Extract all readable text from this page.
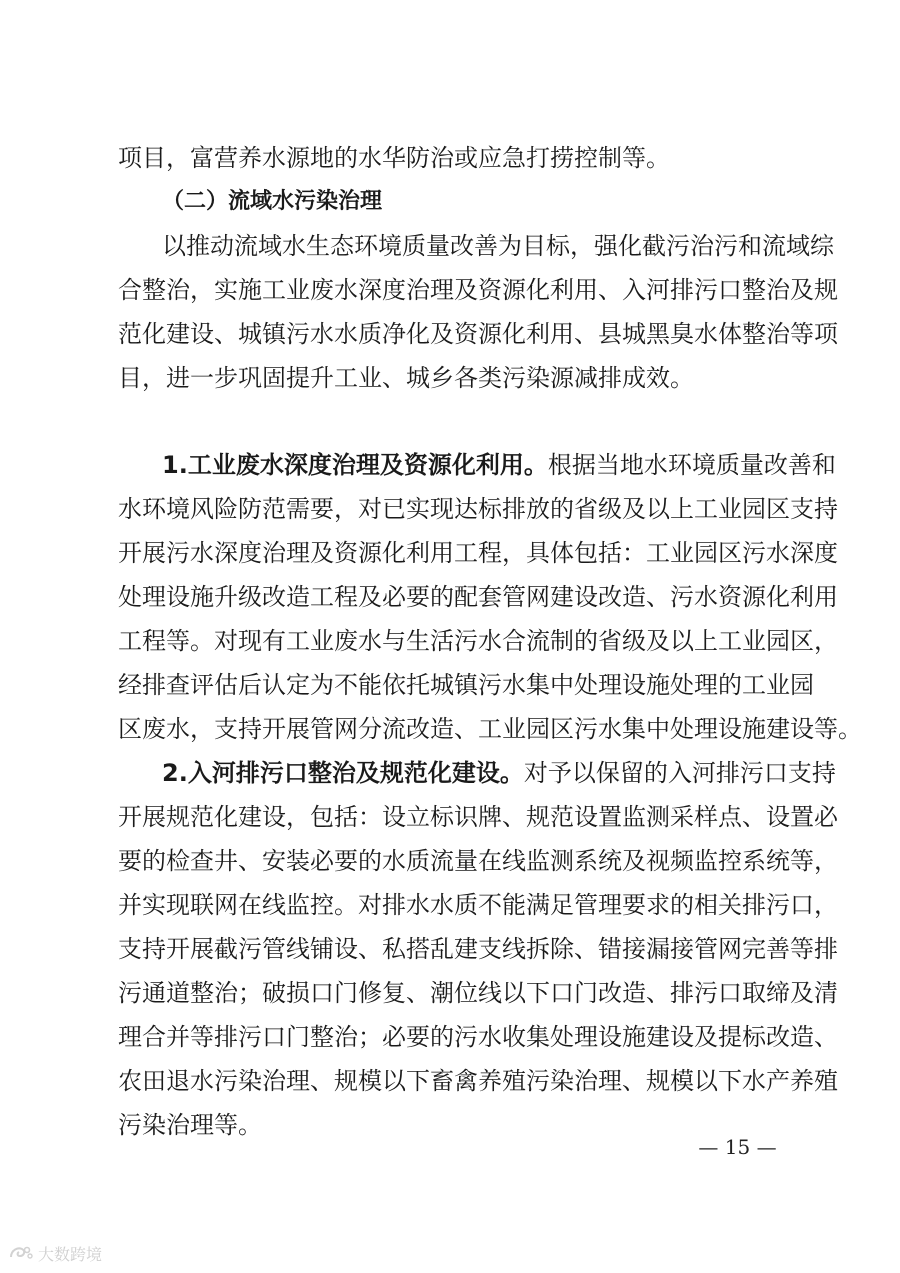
项目，富营养水源地的水华防治或应急打捞控制等。
（二）流域水污染治理
以推动流域水生态环境质量改善为目标，强化截污治污和流域综
合整治，实施工业废水深度治理及资源化利用、入河排污口整治及规
范化建设、城镇污水水质净化及资源化利用、县城黑臭水体整治等项
目，进一步巩固提升工业、城乡各类污染源减排成效。
1.工业废水深度治理及资源化利用。根据当地水环境质量改善和
水环境风险防范需要，对已实现达标排放的省级及以上工业园区支持
开展污水深度治理及资源化利用工程，具体包括：工业园区污水深度
处理设施升级改造工程及必要的配套管网建设改造、污水资源化利用
工程等。对现有工业废水与生活污水合流制的省级及以上工业园区，
经排查评估后认定为不能依托城镇污水集中处理设施处理的工业园
区废水，支持开展管网分流改造、工业园区污水集中处理设施建设等。
2.入河排污口整治及规范化建设。对予以保留的入河排污口支持
开展规范化建设，包括：设立标识牌、规范设置监测采样点、设置必
要的检查井、安装必要的水质流量在线监测系统及视频监控系统等，
并实现联网在线监控。对排水水质不能满足管理要求的相关排污口，
支持开展截污管线铺设、私搭乱建支线拆除、错接漏接管网完善等排
污通道整治；破损口门修复、潮位线以下口门改造、排污口取缔及清
理合并等排污口门整治；必要的污水收集处理设施建设及提标改造、
农田退水污染治理、规模以下畜禽养殖污染治理、规模以下水产养殖
污染治理等。
— 15 —
大数跨境
